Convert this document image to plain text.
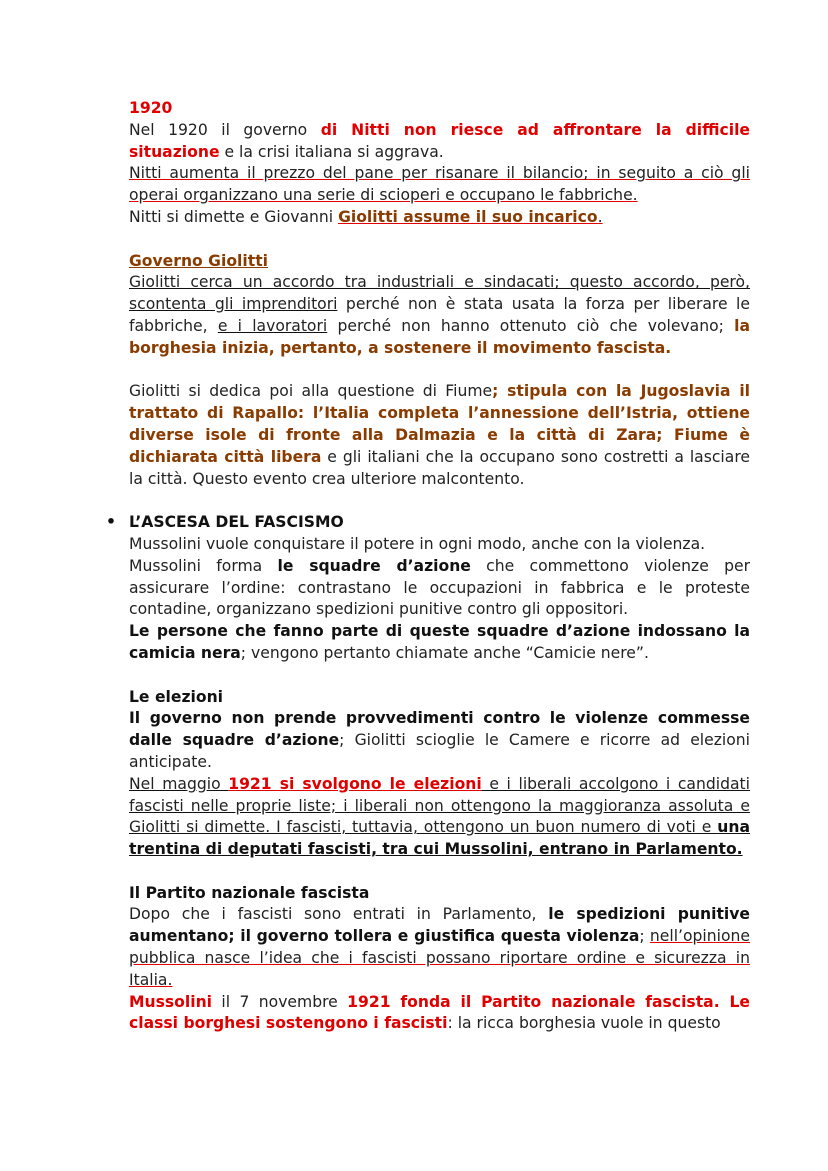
1920

Nel 1920 il governo di Nitti non riesce ad affrontare la difficile situazione e la crisi italiana si aggrava.

Nitti aumenta il prezzo del pane per risanare il bilancio; in seguito a ciò gli operai organizzano una serie di scioperi e occupano le fabbriche.

Nitti si dimette e Giovanni Giolitti assume il suo incarico.

Governo Giolitti

Giolitti cerca un accordo tra industriali e sindacati; questo accordo, però, scontenta gli imprenditori perché non è stata usata la forza per liberare le fabbriche, e i lavoratori perché non hanno ottenuto ciò che volevano; la borghesia inizia, pertanto, a sostenere il movimento fascista.

Giolitti si dedica poi alla questione di Fiume; stipula con la Jugoslavia il trattato di Rapallo: l’Italia completa l’annessione dell’Istria, ottiene diverse isole di fronte alla Dalmazia e la città di Zara; Fiume è dichiarata città libera e gli italiani che la occupano sono costretti a lasciare la città. Questo evento crea ulteriore malcontento.

• L’ASCESA DEL FASCISMO

Mussolini vuole conquistare il potere in ogni modo, anche con la violenza.

Mussolini forma le squadre d’azione che commettono violenze per assicurare l’ordine: contrastano le occupazioni in fabbrica e le proteste contadine, organizzano spedizioni punitive contro gli oppositori.

Le persone che fanno parte di queste squadre d’azione indossano la camicia nera; vengono pertanto chiamate anche “Camicie nere”.

Le elezioni

Il governo non prende provvedimenti contro le violenze commesse dalle squadre d’azione; Giolitti scioglie le Camere e ricorre ad elezioni anticipate.

Nel maggio 1921 si svolgono le elezioni e i liberali accolgono i candidati fascisti nelle proprie liste; i liberali non ottengono la maggioranza assoluta e Giolitti si dimette. I fascisti, tuttavia, ottengono un buon numero di voti e una trentina di deputati fascisti, tra cui Mussolini, entrano in Parlamento.

Il Partito nazionale fascista

Dopo che i fascisti sono entrati in Parlamento, le spedizioni punitive aumentano; il governo tollera e giustifica questa violenza; nell’opinione pubblica nasce l’idea che i fascisti possano riportare ordine e sicurezza in Italia.

Mussolini il 7 novembre 1921 fonda il Partito nazionale fascista. Le classi borghesi sostengono i fascisti: la ricca borghesia vuole in questo
